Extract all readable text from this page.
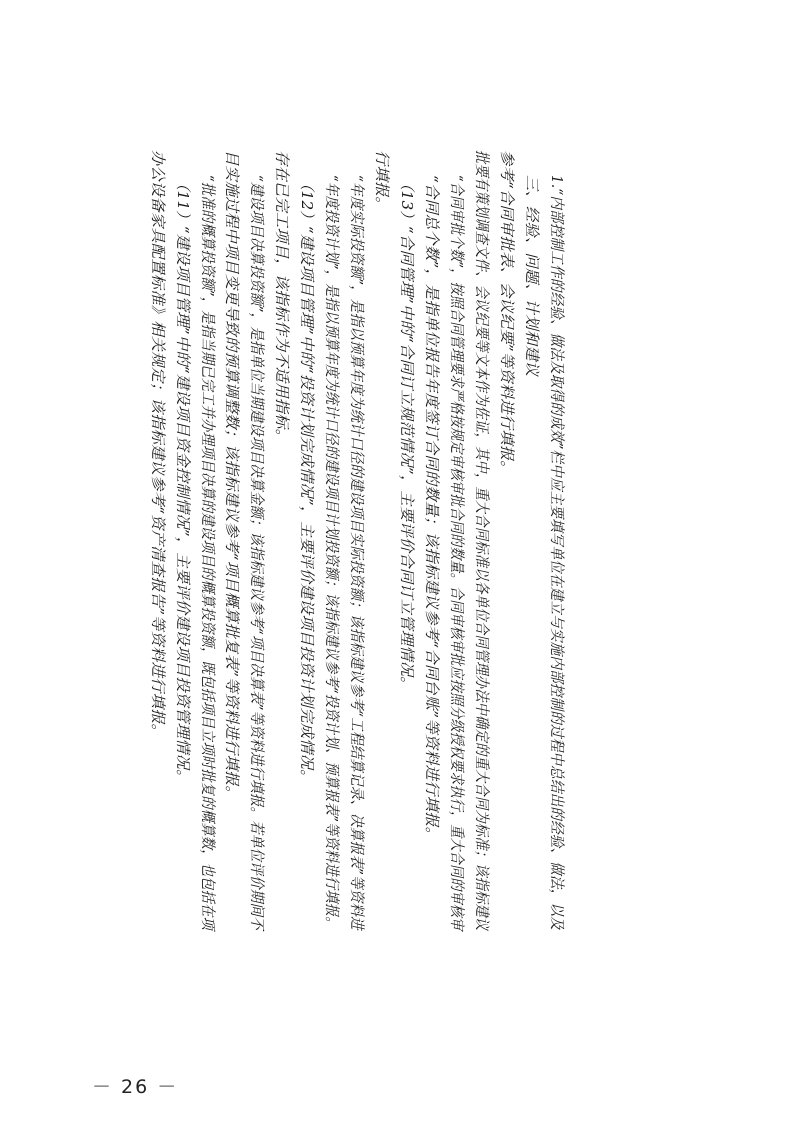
办公设备家具配置标准》相关规定；该指标建议参考“资产清查报告”等资料进行填报。 （11）“建设项目管理”中的“建设项目资金控制情况”，主要评价建设项目投资管理情况。 “批准的概算投资额”，是指当期已完工并办理项目决算的建设项目的概算投资额，既包括项目立项时批复的概算数，也包括在项 目实施过程中项目变更导致的预算调整数；该指标建议参考“项目概算批复表”等资料进行填报。 “建设项目决算投资额”，是指单位当期建设项目决算金额；该指标建议参考“项目决算表”等资料进行填报。若单位评价期间不 存在已完工项目，该指标作为不适用指标。 （12）“建设项目管理”中的“投资计划完成情况”，主要评价建设项目投资计划完成情况。 “年度投资计划”，是指以预算年度为统计口径的建设项目计划投资额；该指标建议参考“投资计划、预算报表”等资料进行填报。 “年度实际投资额”，是指以预算年度为统计口径的建设项目实际投资额；该指标建议参考“工程结算记录、决算报表”等资料进 行填报。 （13）“合同管理”中的“合同订立规范情况”，主要评价合同订立管理情况。 “合同总个数”，是指单位报告年度签订合同的数量；该指标建议参考“合同台账”等资料进行填报。 “合同审批个数”，按照合同管理要求严格按规定审核审批合同的数量。合同审核审批应按照分级授权要求执行，重大合同的审核审 批要有策划调查文件、会议纪要等文本作为佐证，其中，重大合同标准以各单位合同管理办法中确定的重大合同为标准；该指标建议 参考“合同审批表、会议纪要”等资料进行填报。 三、经验、问题、计划和建议 1.“内部控制工作的经验、做法及取得的成效”栏中应主要填写单位在建立与实施内部控制的过程中总结出的经验、做法，以及
－ 26 －
